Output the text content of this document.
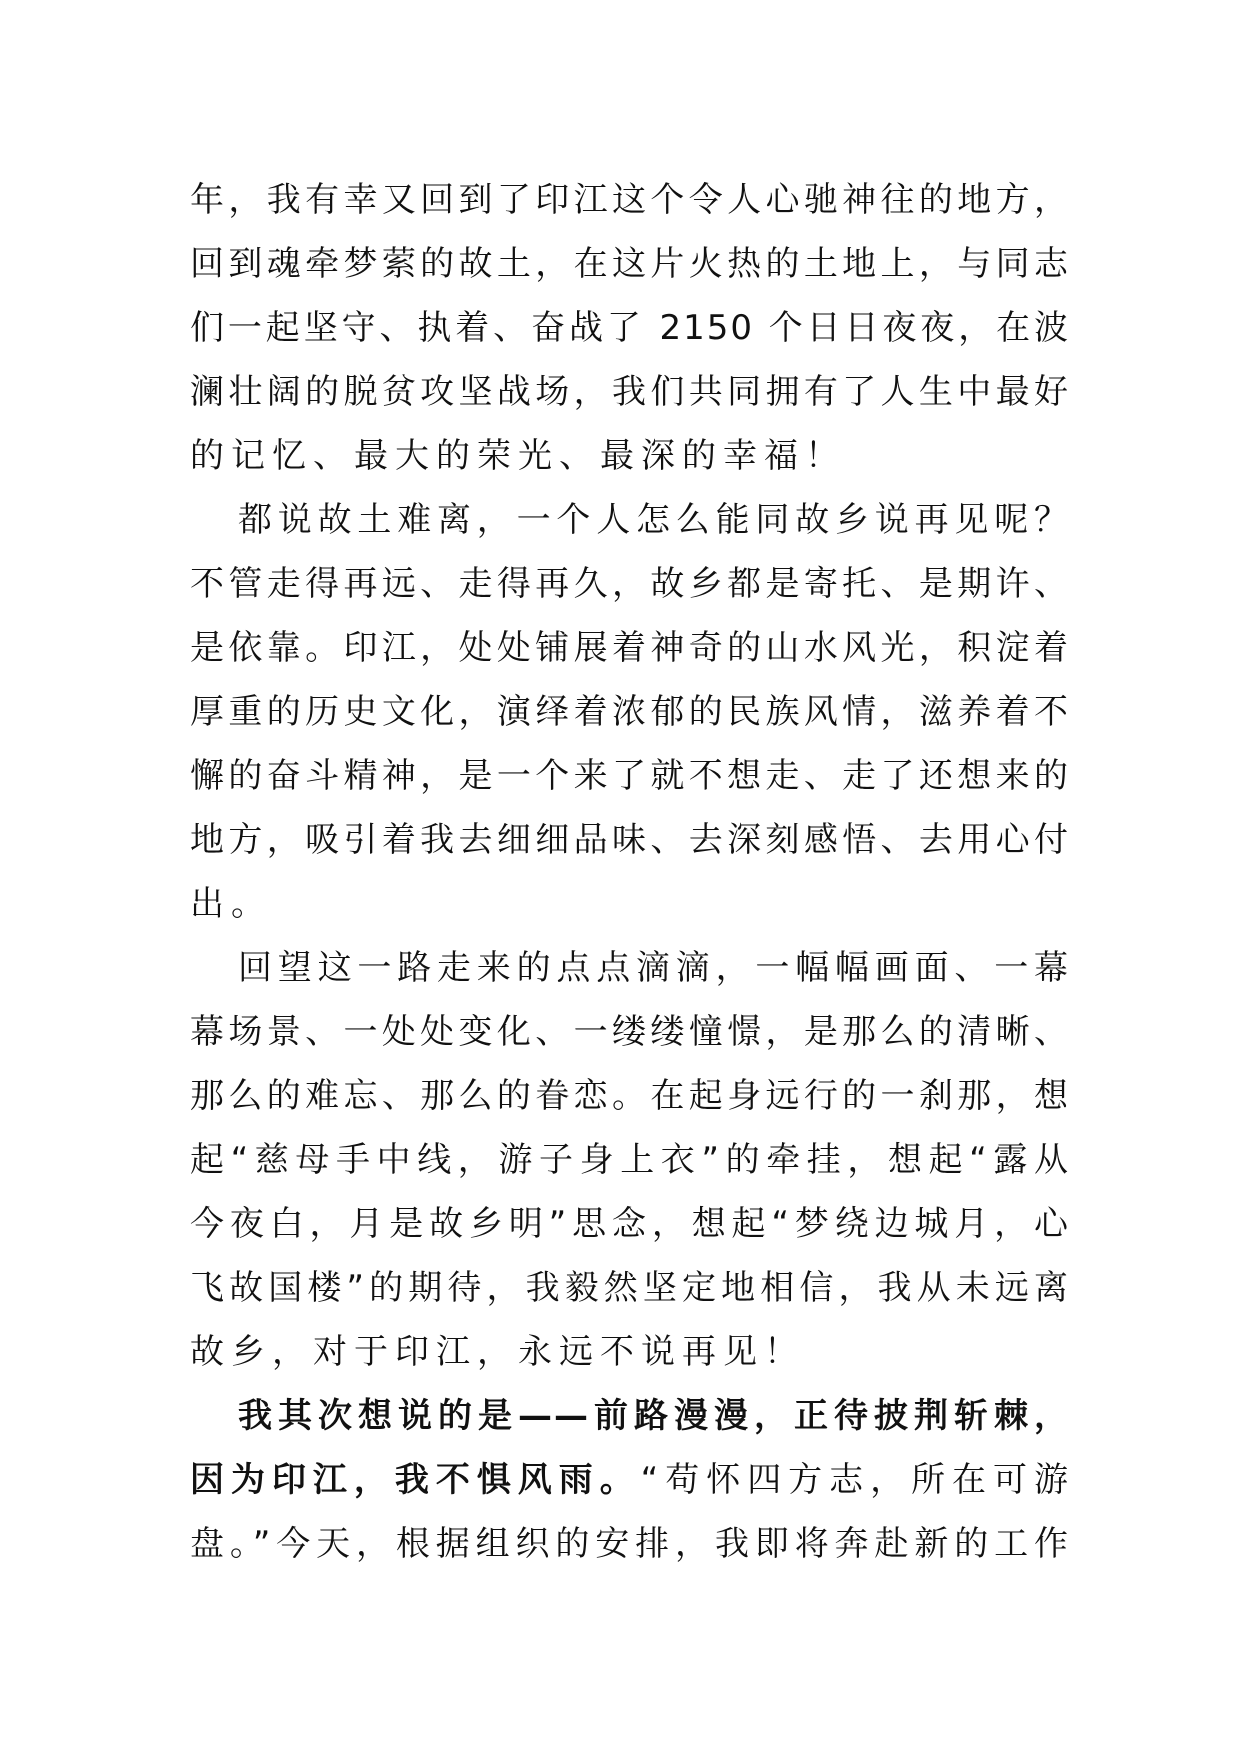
年，我有幸又回到了印江这个令人心驰神往的地方，
回到魂牵梦萦的故土，在这片火热的土地上，与同志
们一起坚守、执着、奋战了 2150 个日日夜夜，在波
澜壮阔的脱贫攻坚战场，我们共同拥有了人生中最好
的记忆、最大的荣光、最深的幸福！
都说故土难离，一个人怎么能同故乡说再见呢？
不管走得再远、走得再久，故乡都是寄托、是期许、
是依靠。印江，处处铺展着神奇的山水风光，积淀着
厚重的历史文化，演绎着浓郁的民族风情，滋养着不
懈的奋斗精神，是一个来了就不想走、走了还想来的
地方，吸引着我去细细品味、去深刻感悟、去用心付
出。
回望这一路走来的点点滴滴，一幅幅画面、一幕
幕场景、一处处变化、一缕缕憧憬，是那么的清晰、
那么的难忘、那么的眷恋。在起身远行的一刹那，想
起“慈母手中线，游子身上衣”的牵挂，想起“露从
今夜白，月是故乡明”思念，想起“梦绕边城月，心
飞故国楼”的期待，我毅然坚定地相信，我从未远离
故乡，对于印江，永远不说再见！
我其次想说的是——前路漫漫，正待披荆斩棘，
因为印江，我不惧风雨。“苟怀四方志，所在可游
盘。”今天，根据组织的安排，我即将奔赴新的工作
